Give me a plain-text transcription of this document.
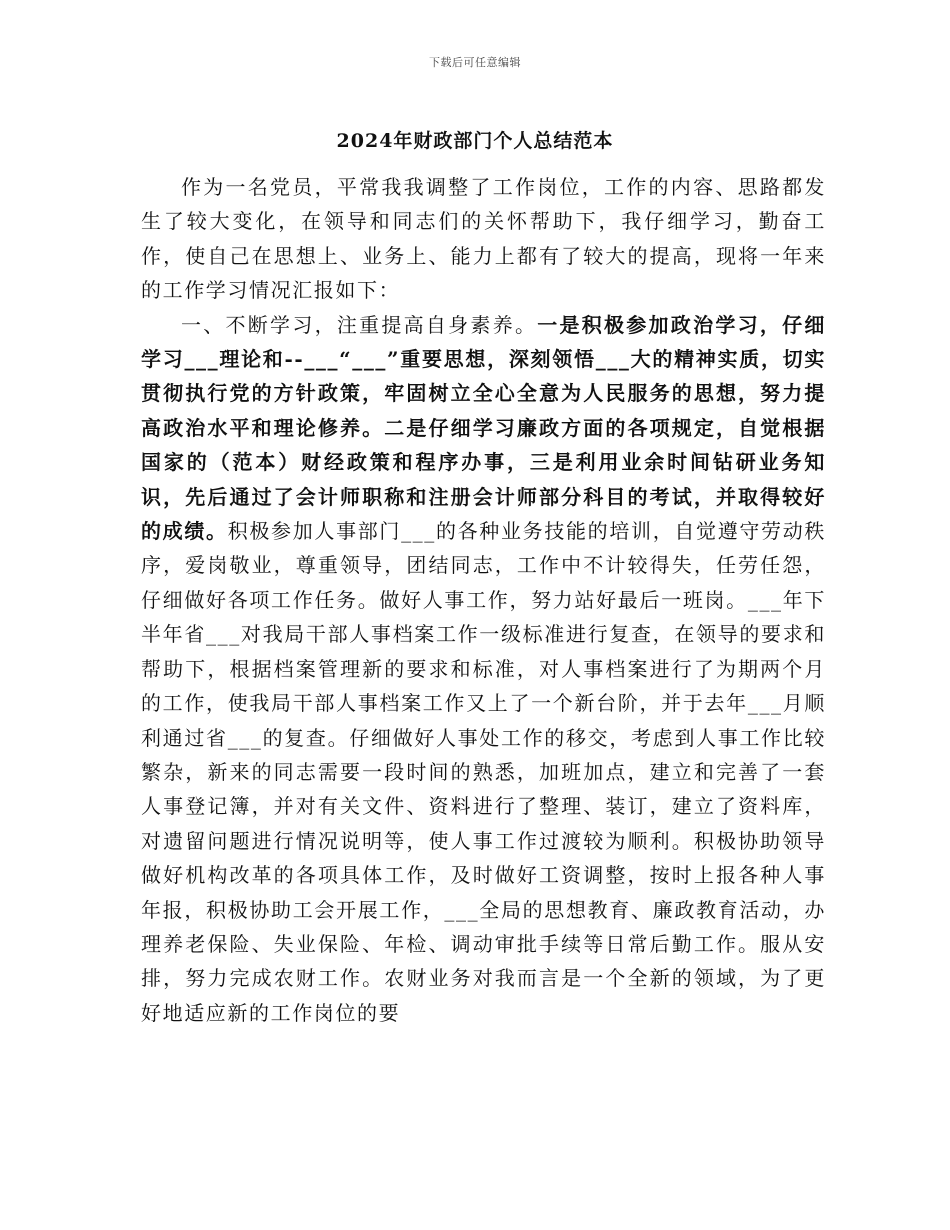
下载后可任意编辑
2024年财政部门个人总结范本

作为一名党员，平常我我调整了工作岗位，工作的内容、思路都发生了较大变化，在领导和同志们的关怀帮助下，我仔细学习，勤奋工作，使自己在思想上、业务上、能力上都有了较大的提高，现将一年来的工作学习情况汇报如下：

一、不断学习，注重提高自身素养。一是积极参加政治学习，仔细学习___理论和--___“___”重要思想，深刻领悟___大的精神实质，切实贯彻执行党的方针政策，牢固树立全心全意为人民服务的思想，努力提高政治水平和理论修养。二是仔细学习廉政方面的各项规定，自觉根据国家的（范本）财经政策和程序办事，三是利用业余时间钻研业务知识，先后通过了会计师职称和注册会计师部分科目的考试，并取得较好的成绩。积极参加人事部门___的各种业务技能的培训，自觉遵守劳动秩序，爱岗敬业，尊重领导，团结同志，工作中不计较得失，任劳任怨，仔细做好各项工作任务。做好人事工作，努力站好最后一班岗。___年下半年省___对我局干部人事档案工作一级标准进行复查，在领导的要求和帮助下，根据档案管理新的要求和标准，对人事档案进行了为期两个月的工作，使我局干部人事档案工作又上了一个新台阶，并于去年___月顺利通过省___的复查。仔细做好人事处工作的移交，考虑到人事工作比较繁杂，新来的同志需要一段时间的熟悉，加班加点，建立和完善了一套人事登记簿，并对有关文件、资料进行了整理、装订，建立了资料库，对遗留问题进行情况说明等，使人事工作过渡较为顺利。积极协助领导做好机构改革的各项具体工作，及时做好工资调整，按时上报各种人事年报，积极协助工会开展工作，___全局的思想教育、廉政教育活动，办理养老保险、失业保险、年检、调动审批手续等日常后勤工作。服从安排，努力完成农财工作。农财业务对我而言是一个全新的领域，为了更好地适应新的工作岗位的要
